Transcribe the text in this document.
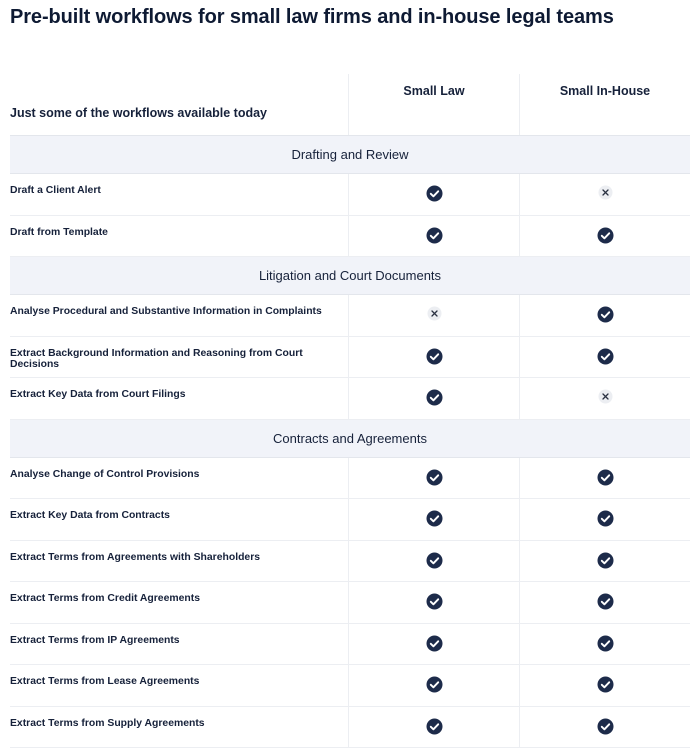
Pre-built workflows for small law firms and in-house legal teams
Just some of the workflows available today
Small Law	Small In-House
Drafting and Review
Draft a Client Alert
Draft from Template
Litigation and Court Documents
Analyse Procedural and Substantive Information in Complaints
Extract Background Information and Reasoning from Court Decisions
Extract Key Data from Court Filings
Contracts and Agreements
Analyse Change of Control Provisions
Extract Key Data from Contracts
Extract Terms from Agreements with Shareholders
Extract Terms from Credit Agreements
Extract Terms from IP Agreements
Extract Terms from Lease Agreements
Extract Terms from Supply Agreements
